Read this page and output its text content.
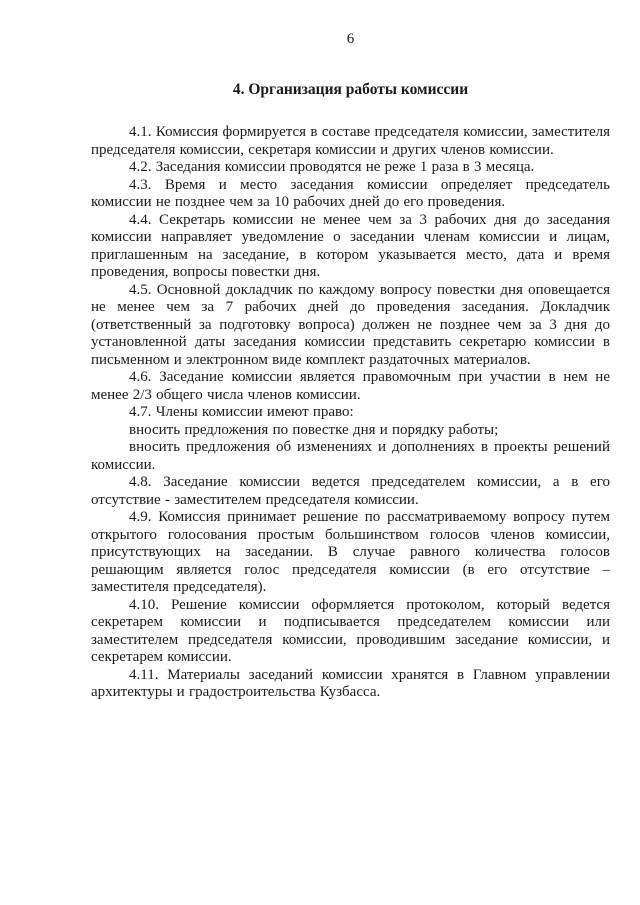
6
4. Организация работы комиссии

4.1. Комиссия формируется в составе председателя комиссии, заместителя председателя комиссии, секретаря комиссии и других членов комиссии.

4.2. Заседания комиссии проводятся не реже 1 раза в 3 месяца.

4.3. Время и место заседания комиссии определяет председатель комиссии не позднее чем за 10 рабочих дней до его проведения.

4.4. Секретарь комиссии не менее чем за 3 рабочих дня до заседания комиссии направляет уведомление о заседании членам комиссии и лицам, приглашенным на заседание, в котором указывается место, дата и время проведения, вопросы повестки дня.

4.5. Основной докладчик по каждому вопросу повестки дня оповещается не менее чем за 7 рабочих дней до проведения заседания. Докладчик (ответственный за подготовку вопроса) должен не позднее чем за 3 дня до установленной даты заседания комиссии представить секретарю комиссии в письменном и электронном виде комплект раздаточных материалов.

4.6. Заседание комиссии является правомочным при участии в нем не менее 2/3 общего числа членов комиссии.

4.7. Члены комиссии имеют право:

вносить предложения по повестке дня и порядку работы;

вносить предложения об изменениях и дополнениях в проекты решений комиссии.

4.8. Заседание комиссии ведется председателем комиссии, а в его отсутствие - заместителем председателя комиссии.

4.9. Комиссия принимает решение по рассматриваемому вопросу путем открытого голосования простым большинством голосов членов комиссии, присутствующих на заседании. В случае равного количества голосов решающим является голос председателя комиссии (в его отсутствие – заместителя председателя).

4.10. Решение комиссии оформляется протоколом, который ведется секретарем комиссии и подписывается председателем комиссии или заместителем председателя комиссии, проводившим заседание комиссии, и секретарем комиссии.

4.11. Материалы заседаний комиссии хранятся в Главном управлении архитектуры и градостроительства Кузбасса.
